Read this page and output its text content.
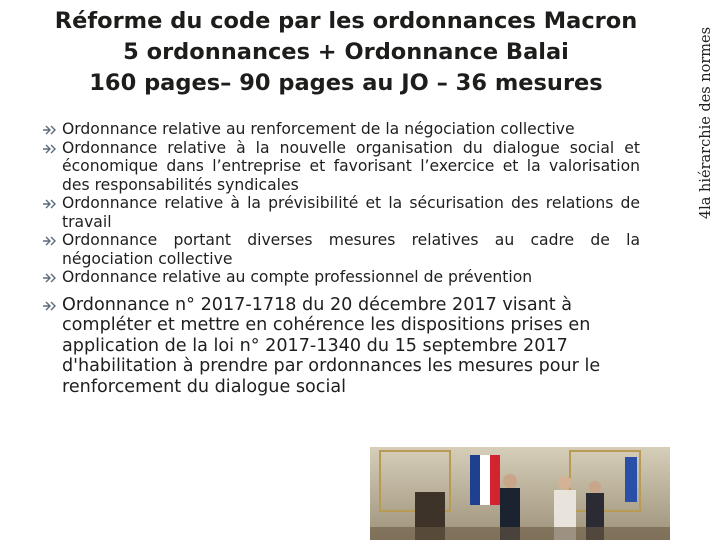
Réforme du code par les ordonnances Macron
5 ordonnances + Ordonnance Balai
160 pages– 90 pages au JO – 36 mesures	4la hiérarchie des normes
Ordonnance relative au renforcement de la négociation collective
Ordonnance relative à la nouvelle organisation du dialogue social et économique dans l’entreprise et favorisant l’exercice et la valorisation des responsabilités syndicales
Ordonnance relative à la prévisibilité et la sécurisation des relations de travail
Ordonnance portant diverses mesures relatives au cadre de la négociation collective
Ordonnance relative au compte professionnel de prévention
Ordonnance n° 2017-1718 du 20 décembre 2017 visant à compléter et mettre en cohérence les dispositions prises en application de la loi n° 2017-1340 du 15 septembre 2017 d'habilitation à prendre par ordonnances les mesures pour le renforcement du dialogue social
